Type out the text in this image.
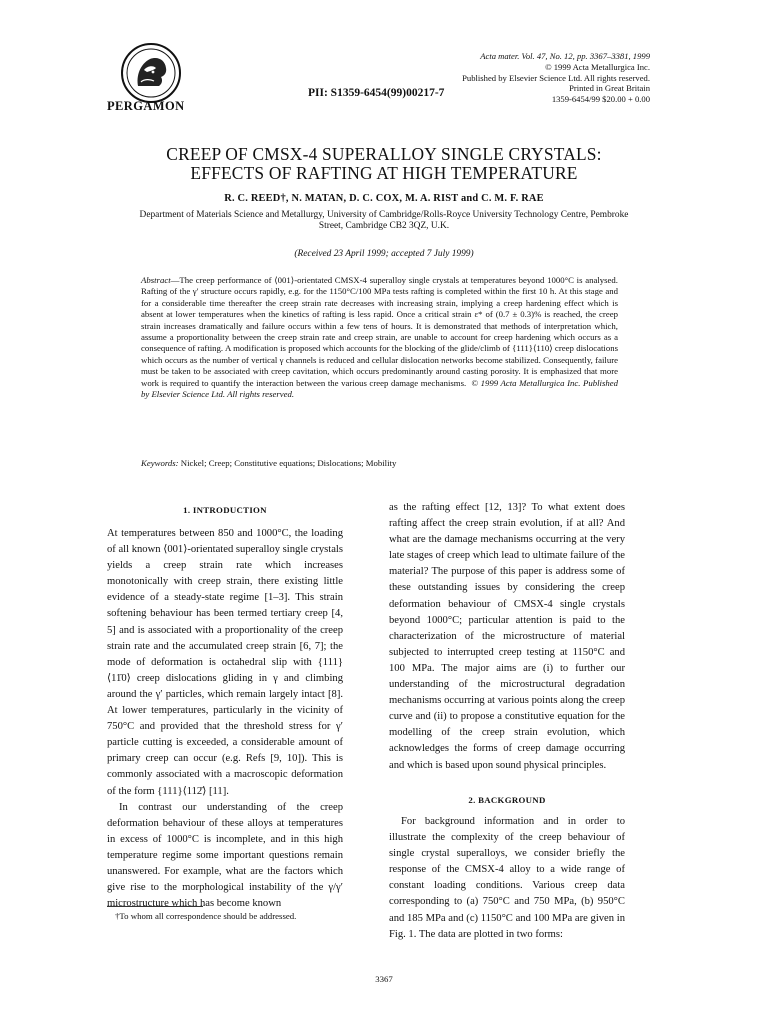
PERGAMON
PII: S1359-6454(99)00217-7
Acta mater. Vol. 47, No. 12, pp. 3367–3381, 1999
© 1999 Acta Metallurgica Inc.
Published by Elsevier Science Ltd. All rights reserved.
Printed in Great Britain
1359-6454/99 $20.00 + 0.00
CREEP OF CMSX-4 SUPERALLOY SINGLE CRYSTALS:
EFFECTS OF RAFTING AT HIGH TEMPERATURE
R. C. REED†, N. MATAN, D. C. COX, M. A. RIST and C. M. F. RAE
Department of Materials Science and Metallurgy, University of Cambridge/Rolls-Royce University Technology Centre, Pembroke Street, Cambridge CB2 3QZ, U.K.
(Received 23 April 1999; accepted 7 July 1999)
Abstract—The creep performance of ⟨001⟩-orientated CMSX-4 superalloy single crystals at temperatures beyond 1000°C is analysed. Rafting of the γ′ structure occurs rapidly, e.g. for the 1150°C/100 MPa tests rafting is completed within the first 10 h. At this stage and for a considerable time thereafter the creep strain rate decreases with increasing strain, implying a creep hardening effect which is absent at lower temperatures when the kinetics of rafting is less rapid. Once a critical strain ε* of (0.7 ± 0.3)% is reached, the creep strain increases dramatically and failure occurs within a few tens of hours. It is demonstrated that methods of interpretation which, assume a proportionality between the creep strain rate and creep strain, are unable to account for creep hardening which occurs as a consequence of rafting. A modification is proposed which accounts for the blocking of the glide/climb of {111}⟨110⟩ creep dislocations which occurs as the number of vertical γ channels is reduced and cellular dislocation networks become stabilized. Consequently, failure must be taken to be associated with creep cavitation, which occurs predominantly around casting porosity. It is emphasized that more work is required to quantify the interaction between the various creep damage mechanisms. © 1999 Acta Metallurgica Inc. Published by Elsevier Science Ltd. All rights reserved.
Keywords: Nickel; Creep; Constitutive equations; Dislocations; Mobility
1. INTRODUCTION

At temperatures between 850 and 1000°C, the loading of all known ⟨001⟩-orientated superalloy single crystals yields a creep strain rate which increases monotonically with creep strain, there existing little evidence of a steady-state regime [1–3]. This strain softening behaviour has been termed tertiary creep [4, 5] and is associated with a proportionality of the creep strain rate and the accumulated creep strain [6, 7]; the mode of deformation is octahedral slip with {111}⟨11̄0⟩ creep dislocations gliding in γ and climbing around the γ′ particles, which remain largely intact [8]. At lower temperatures, particularly in the vicinity of 750°C and provided that the threshold stress for γ′ particle cutting is exceeded, a considerable amount of primary creep can occur (e.g. Refs [9, 10]). This is commonly associated with a macroscopic deformation of the form {111}⟨112̄⟩ [11].

In contrast our understanding of the creep deformation behaviour of these alloys at temperatures in excess of 1000°C is incomplete, and in this high temperature regime some important questions remain unanswered. For example, what are the factors which give rise to the morphological instability of the γ/γ′ microstructure which has become known

as the rafting effect [12, 13]? To what extent does rafting affect the creep strain evolution, if at all? And what are the damage mechanisms occurring at the very late stages of creep which lead to ultimate failure of the material? The purpose of this paper is address some of these outstanding issues by considering the creep deformation behaviour of CMSX-4 single crystals beyond 1000°C; particular attention is paid to the characterization of the microstructure of material subjected to interrupted creep testing at 1150°C and 100 MPa. The major aims are (i) to further our understanding of the microstructural degradation mechanisms occurring at various points along the creep curve and (ii) to propose a constitutive equation for the modelling of the creep strain evolution, which acknowledges the forms of creep damage occurring and which is based upon sound physical principles.

2. BACKGROUND

For background information and in order to illustrate the complexity of the creep behaviour of single crystal superalloys, we consider briefly the response of the CMSX-4 alloy to a wide range of constant loading conditions. Various creep data corresponding to (a) 750°C and 750 MPa, (b) 950°C and 185 MPa and (c) 1150°C and 100 MPa are given in Fig. 1. The data are plotted in two forms:

†To whom all correspondence should be addressed.
3367
